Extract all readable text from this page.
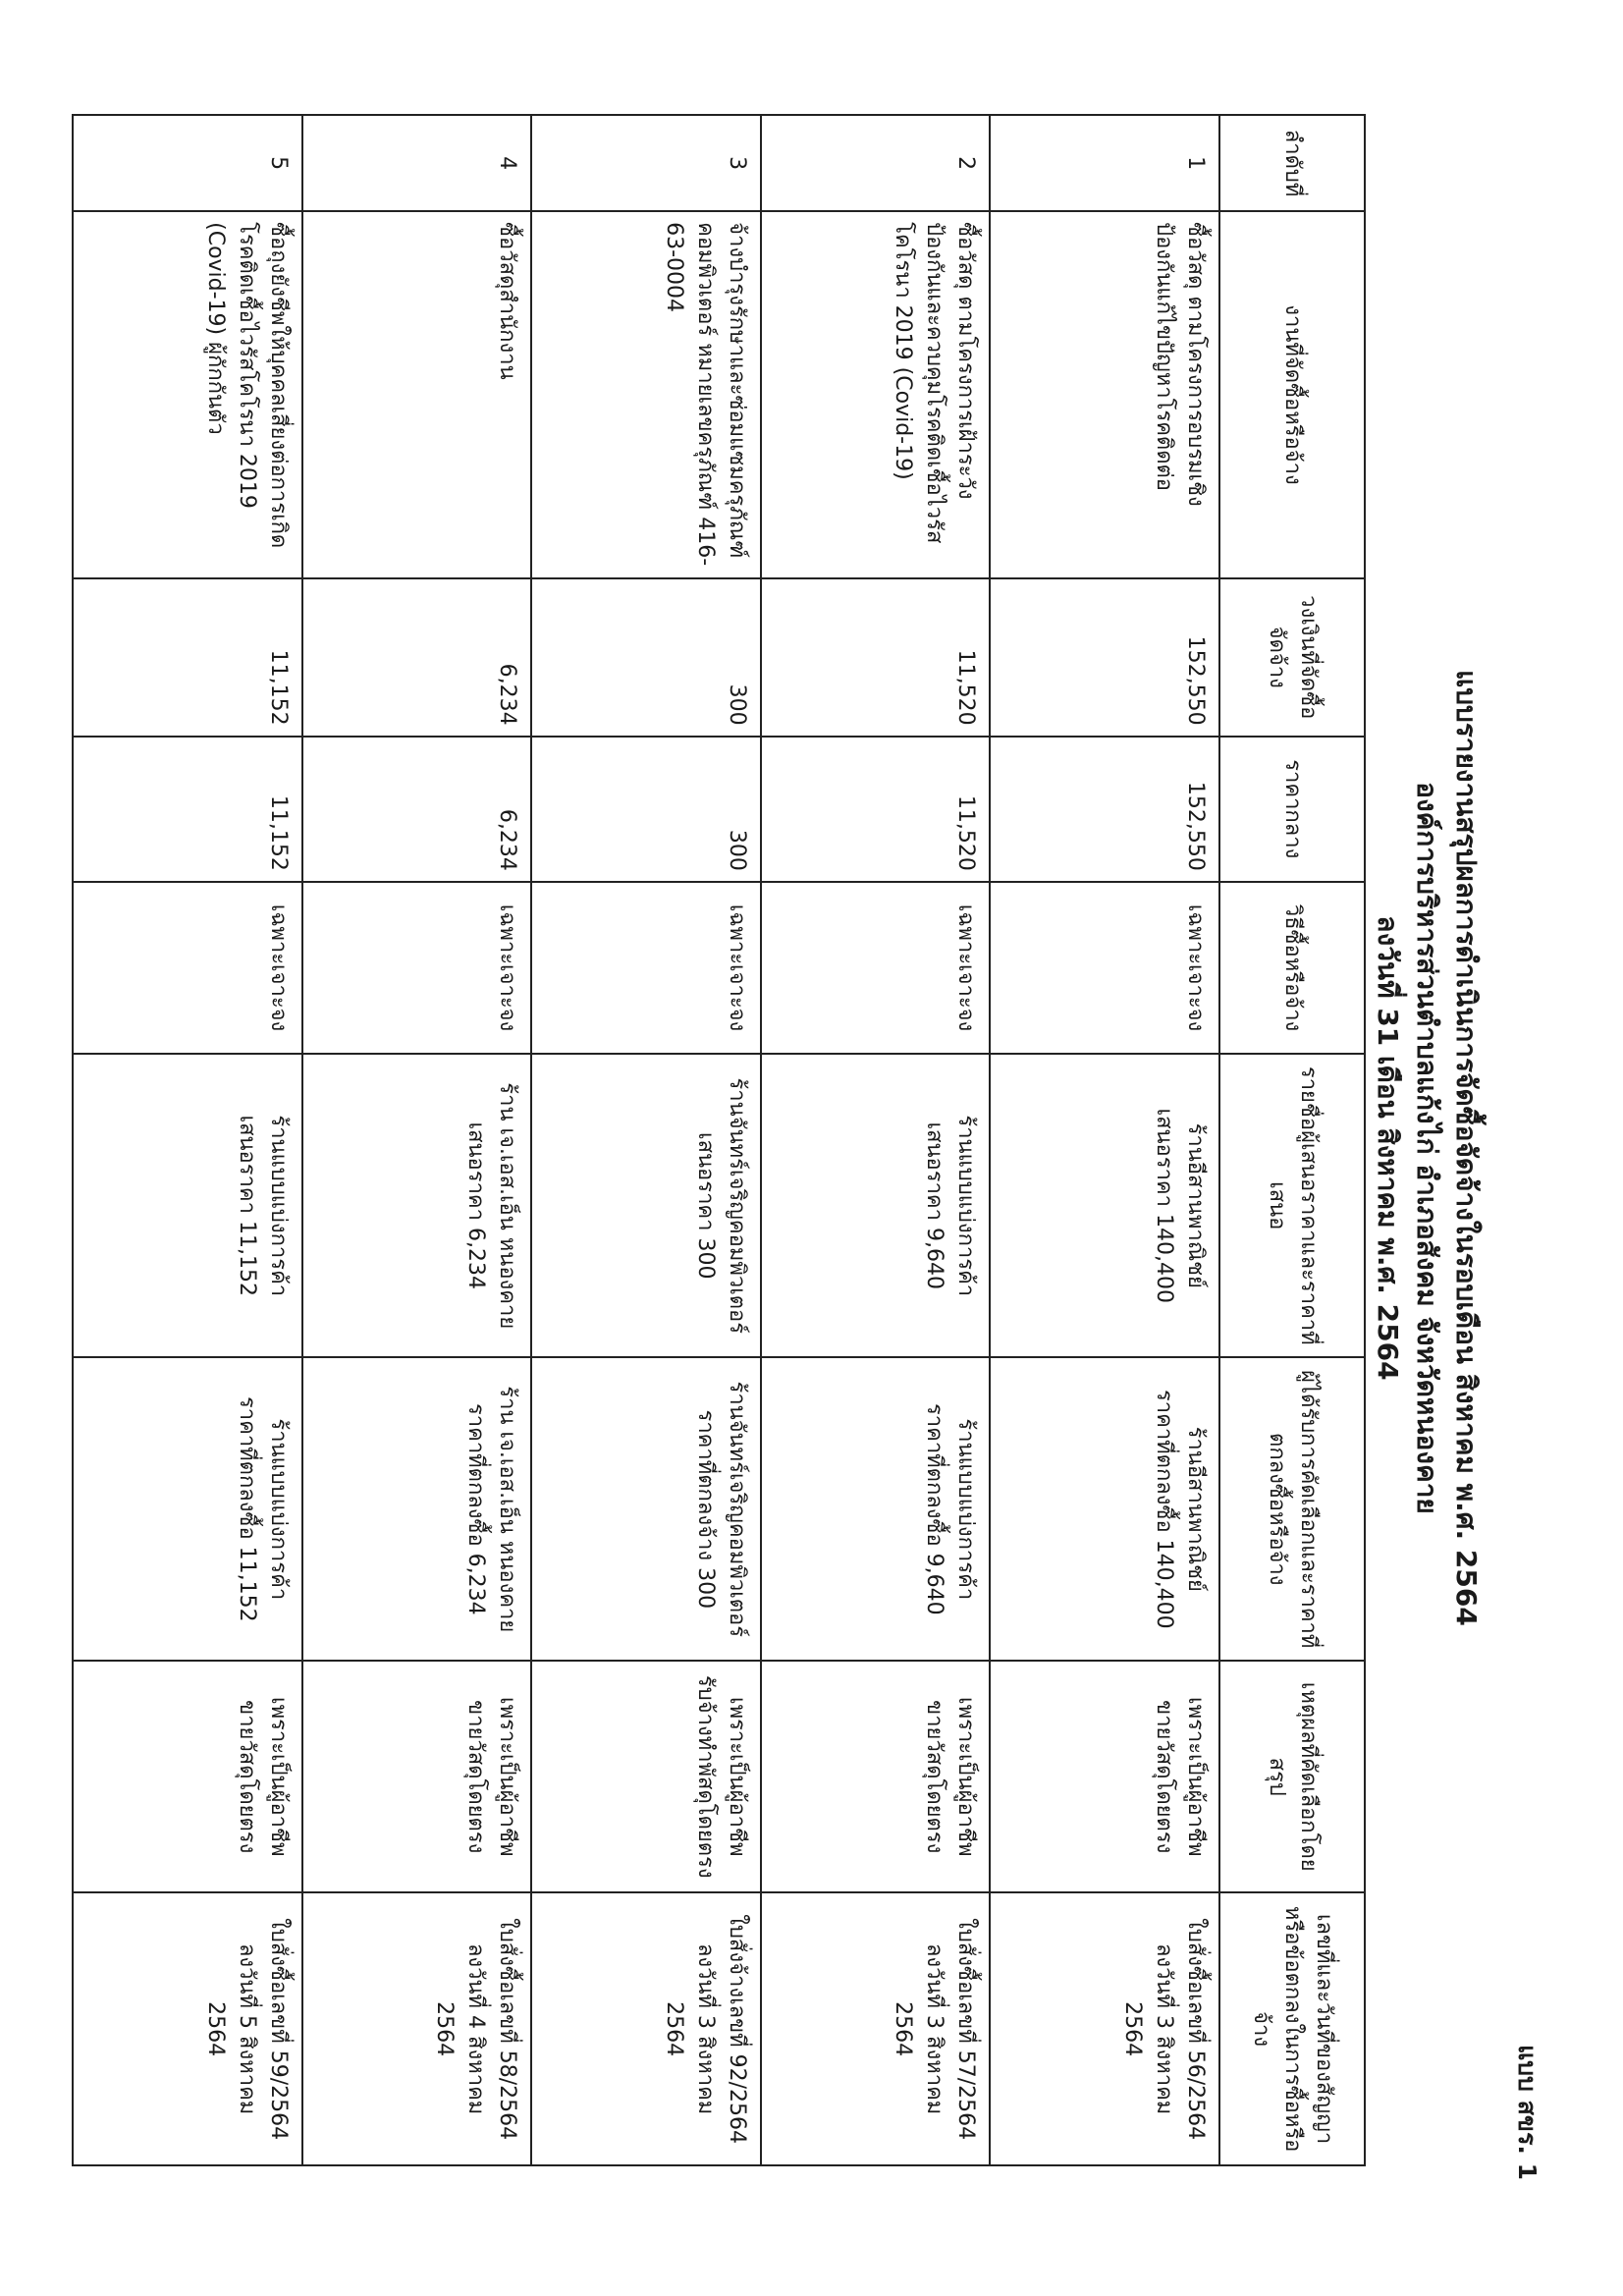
แบบ สขร. 1
แบบรายงานสรุปผลการดำเนินการจัดซื้อจัดจ้างในรอบเดือน สิงหาคม พ.ศ. 2564
องค์การบริหารส่วนตำบลแก้งไก่ อำเภอสังคม จังหวัดหนองคาย
ลงวันที่ 31 เดือน สิงหาคม พ.ศ. 2564
ลำดับที่	งานที่จัดซื้อหรือจ้าง	วงเงินที่จัดซื้อจัดจ้าง	ราคากลาง	วิธีซื้อหรือจ้าง	รายชื่อผู้เสนอราคาและราคาที่เสนอ	ผู้ได้รับการคัดเลือกและราคาที่ตกลงซื้อหรือจ้าง	เหตุผลที่คัดเลือกโดยสรุป	เลขที่และวันที่ของสัญญาหรือข้อตกลงในการซื้อหรือจ้าง
1	ซื้อวัสดุ ตามโครงการอบรมเชิงป้องกันแก้ไขปัญหาโรคติดต่อ	152,550	152,550	เฉพาะเจาะจง	ร้านอีสานพาณิชย์
เสนอราคา 140,400	ร้านอีสานพาณิชย์
ราคาที่ตกลงซื้อ 140,400	เพราะเป็นผู้อาชีพ
ขายวัสดุโดยตรง	ใบสั่งซื้อเลขที่ 56/2564
ลงวันที่ 3 สิงหาคม
2564

2	ซื้อวัสดุ ตามโครงการเฝ้าระวัง ป้องกันและควบคุมโรคติดเชื้อไวรัสโคโรนา 2019 (Covid-19)	11,520	11,520	เฉพาะเจาะจง	ร้านแบบแบ่งการค้า
เสนอราคา 9,640	ร้านแบบแบ่งการค้า
ราคาที่ตกลงซื้อ 9,640	เพราะเป็นผู้อาชีพ
ขายวัสดุโดยตรง	ใบสั่งซื้อเลขที่ 57/2564
ลงวันที่ 3 สิงหาคม
2564

3	จ้างบำรุงรักษาและซ่อมแซมครุภัณฑ์คอมพิวเตอร์ หมายเลขครุภัณฑ์ 416-63-0004	300	300	เฉพาะเจาะจง	ร้านจันทร์เจริญคอมพิวเตอร์
เสนอราคา 300	ร้านจันทร์เจริญคอมพิวเตอร์
ราคาที่ตกลงจ้าง 300	เพราะเป็นผู้อาชีพ
รับจ้างทำพัสดุโดยตรง	ใบสั่งจ้างเลขที่ 92/2564
ลงวันที่ 3 สิงหาคม
2564

4	ซื้อวัสดุสำนักงาน	6,234	6,234	เฉพาะเจาะจง	ร้าน เจ.เอส.เอ็น หนองคาย
เสนอราคา 6,234	ร้าน เจ.เอส.เอ็น หนองคาย
ราคาที่ตกลงซื้อ 6,234	เพราะเป็นผู้อาชีพ
ขายวัสดุโดยตรง	ใบสั่งซื้อเลขที่ 58/2564
ลงวันที่ 4 สิงหาคม
2564

5	ซื้อถุงยังชีพให้บุคคลเสี่ยงต่อการเกิดโรคติดเชื้อไวรัสโคโรนา 2019 (Covid-19) ผู้กักกันตัว	11,152	11,152	เฉพาะเจาะจง	ร้านแบบแบ่งการค้า
เสนอราคา 11,152	ร้านแบบแบ่งการค้า
ราคาที่ตกลงซื้อ 11,152	เพราะเป็นผู้อาชีพ
ขายวัสดุโดยตรง	ใบสั่งซื้อเลขที่ 59/2564
ลงวันที่ 5 สิงหาคม
2564
